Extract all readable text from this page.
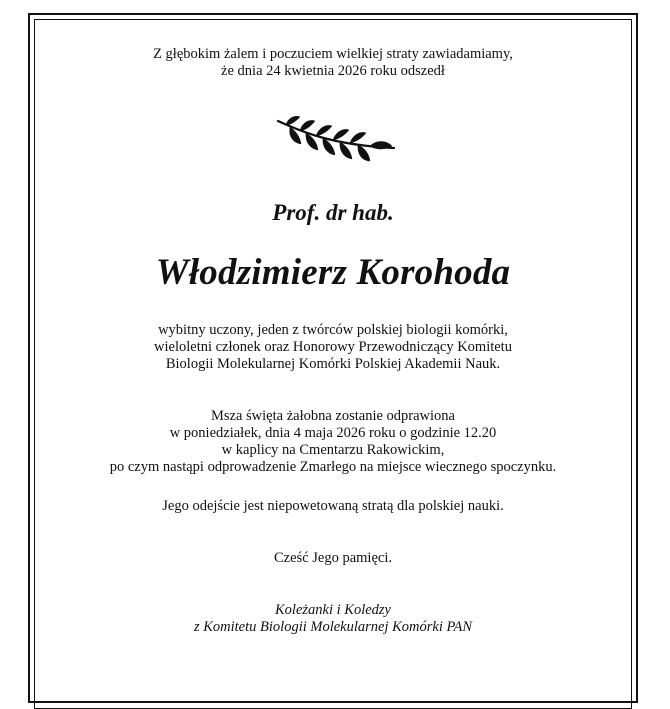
Z głębokim żalem i poczuciem wielkiej straty zawiadamiamy,
że dnia 24 kwietnia 2026 roku odszedł
Prof. dr hab.
Włodzimierz Korohoda
wybitny uczony, jeden z twórców polskiej biologii komórki,
wieloletni członek oraz Honorowy Przewodniczący Komitetu
Biologii Molekularnej Komórki Polskiej Akademii Nauk.
Msza święta żałobna zostanie odprawiona
w poniedziałek, dnia 4 maja 2026 roku o godzinie 12.20
w kaplicy na Cmentarzu Rakowickim,
po czym nastąpi odprowadzenie Zmarłego na miejsce wiecznego spoczynku.
Jego odejście jest niepowetowaną stratą dla polskiej nauki.
Cześć Jego pamięci.
Koleżanki i Koledzy
z Komitetu Biologii Molekularnej Komórki PAN
